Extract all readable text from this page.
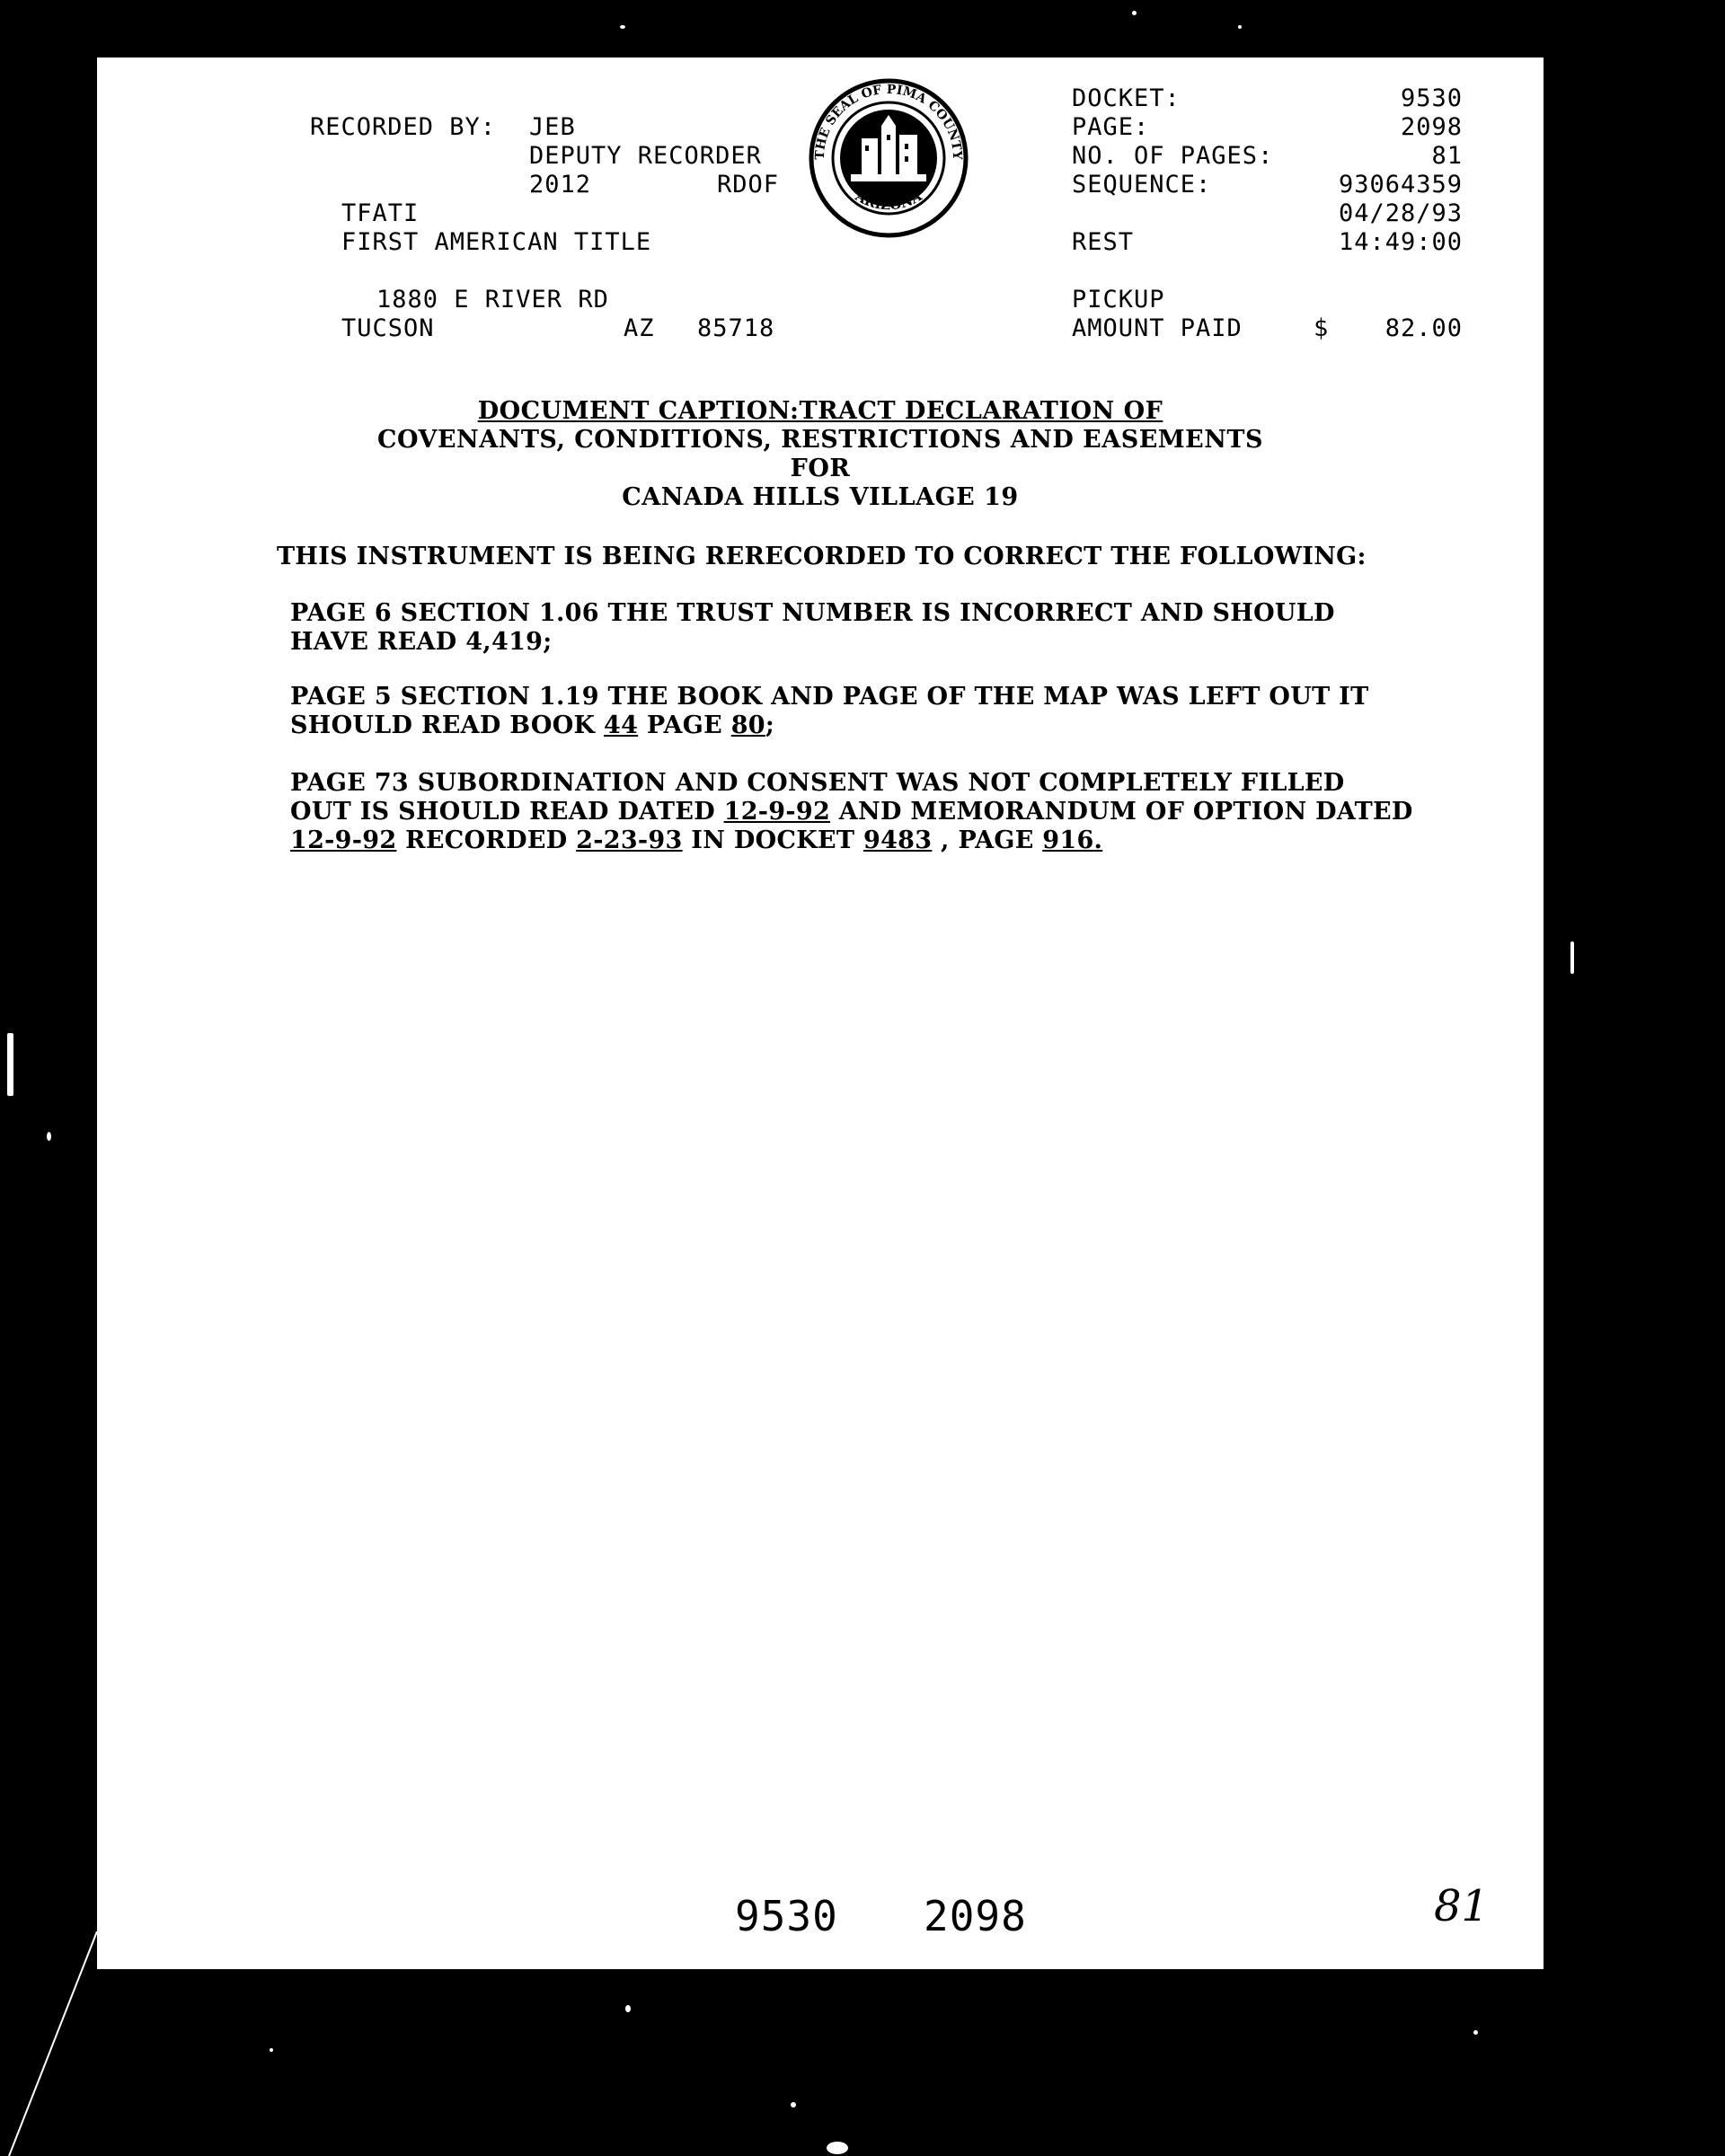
RECORDED BY: JEB
DEPUTY RECORDER
2012	RDOF
TFATI
FIRST AMERICAN TITLE
1880 E RIVER RD
TUCSON	AZ 85718
THE SEAL OF PIMA COUNTY
ARIZONA
DOCKET:	9530
PAGE:	2098
NO. OF PAGES:	81
SEQUENCE:	93064359
04/28/93
REST	14:49:00
PICKUP
AMOUNT PAID	$	82.00
DOCUMENT CAPTION:TRACT DECLARATION OF
COVENANTS, CONDITIONS, RESTRICTIONS AND EASEMENTS
FOR
CANADA HILLS VILLAGE 19
THIS INSTRUMENT IS BEING RERECORDED TO CORRECT THE FOLLOWING:
PAGE 6 SECTION 1.06 THE TRUST NUMBER IS INCORRECT AND SHOULD HAVE READ 4,419;
PAGE 5 SECTION 1.19 THE BOOK AND PAGE OF THE MAP WAS LEFT OUT IT SHOULD READ BOOK 44 PAGE 80;
PAGE 73 SUBORDINATION AND CONSENT WAS NOT COMPLETELY FILLED OUT IS SHOULD READ DATED 12-9-92 AND MEMORANDUM OF OPTION DATED 12-9-92 RECORDED 2-23-93 IN DOCKET 9483 , PAGE 916.
9530 2098	81
